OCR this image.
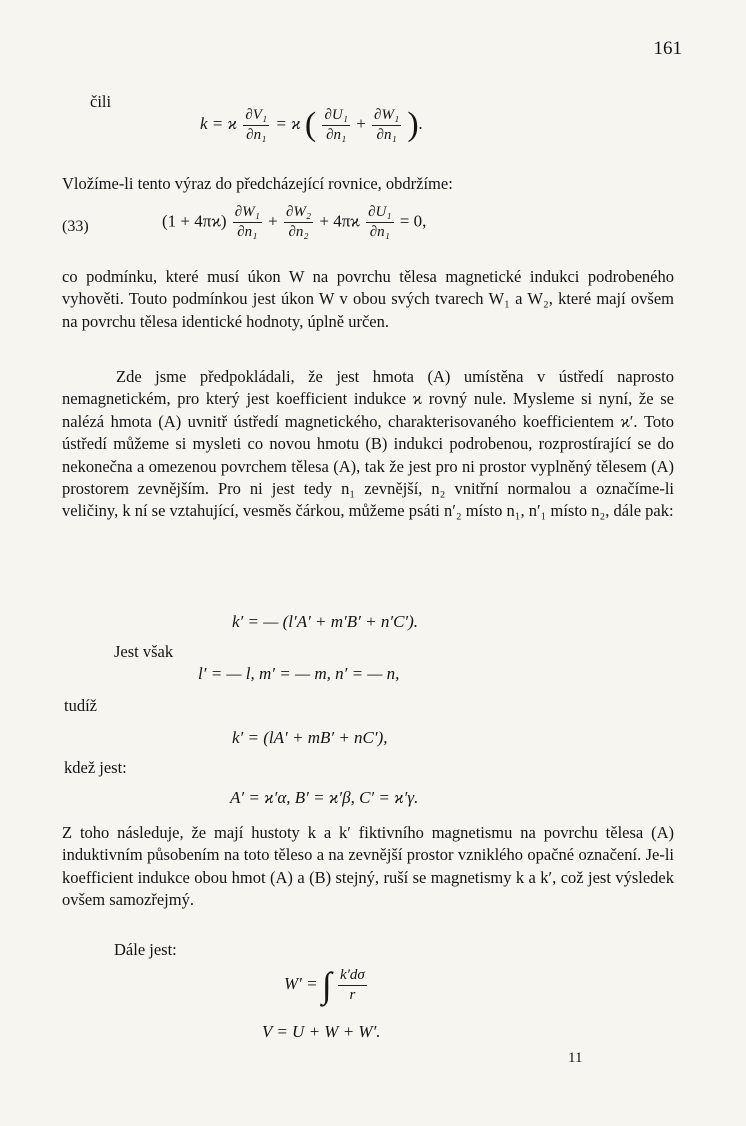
161
čili
k = ϰ $\frac{\text{∂V₁}}{\text{∂n₁}} = ϰ$ ( $\frac{\text{∂U₁}}{\text{∂n₁}} + \frac{\text{∂W₁}}{\text{∂n₁}}$ ).
Vložíme-li tento výraz do předcházející rovnice, obdržíme:
(33)	$(1 + 4\pi ϰ) \frac{\text{∂W₁}}{\text{∂n₁}} + \frac{\text{∂W₂}}{\text{∂n₂}} + 4\pi ϰ \frac{\text{∂U₁}}{\text{∂n₁}} = 0$,
co podmínku, které musí úkon W na povrchu tělesa magnetické indukci podrobeného vyhověti. Touto podmínkou jest úkon W v obou svých tvarech W₁ a W₂, které mají ovšem na povrchu tělesa identické hodnoty, úplně určen.
Zde jsme předpokládali, že jest hmota (A) umístěna v ústředí naprosto nemagnetickém, pro který jest koefficient indukce ϰ rovný nule. Mysleme si nyní, že se nalézá hmota (A) uvnitř ústředí magnetického, charakterisovaného koefficientem ϰ′. Toto ústředí můžeme si mysleti co novou hmotu (B) indukci podrobenou, rozprostírající se do nekonečna a omezenou povrchem tělesa (A), tak že jest pro ni prostor vyplněný tělesem (A) prostorem zevnějším. Pro ni jest tedy n₁ zevnější, n₂ vnitřní normalou a označíme-li veličiny, k ní se vztahující, vesměs čárkou, můžeme psáti n′₂ místo n₁, n′₁ místo n₂, dále pak:
k′ = — (l′A′ + m′B′ + n′C′).
Jest však
l′ = — l, m′ = — m, n′ = — n,
tudíž
k′ = (lA′ + mB′ + nC′),
kdež jest:
A′ = ϰ′α, B′ = ϰ′β, C′ = ϰ′γ.
Z toho následuje, že mají hustoty k a k′ fiktivního magnetismu na povrchu tělesa (A) induktivním působením na toto těleso a na zevnější prostor vzniklého opačné označení. Je-li koefficient indukce obou hmot (A) a (B) stejný, ruší se magnetismy k a k′, což jest výsledek ovšem samozřejmý.
Dále jest:
W′ = ∫ $\frac{k'd\sigma}{r}$
V = U + W + W′.
11
